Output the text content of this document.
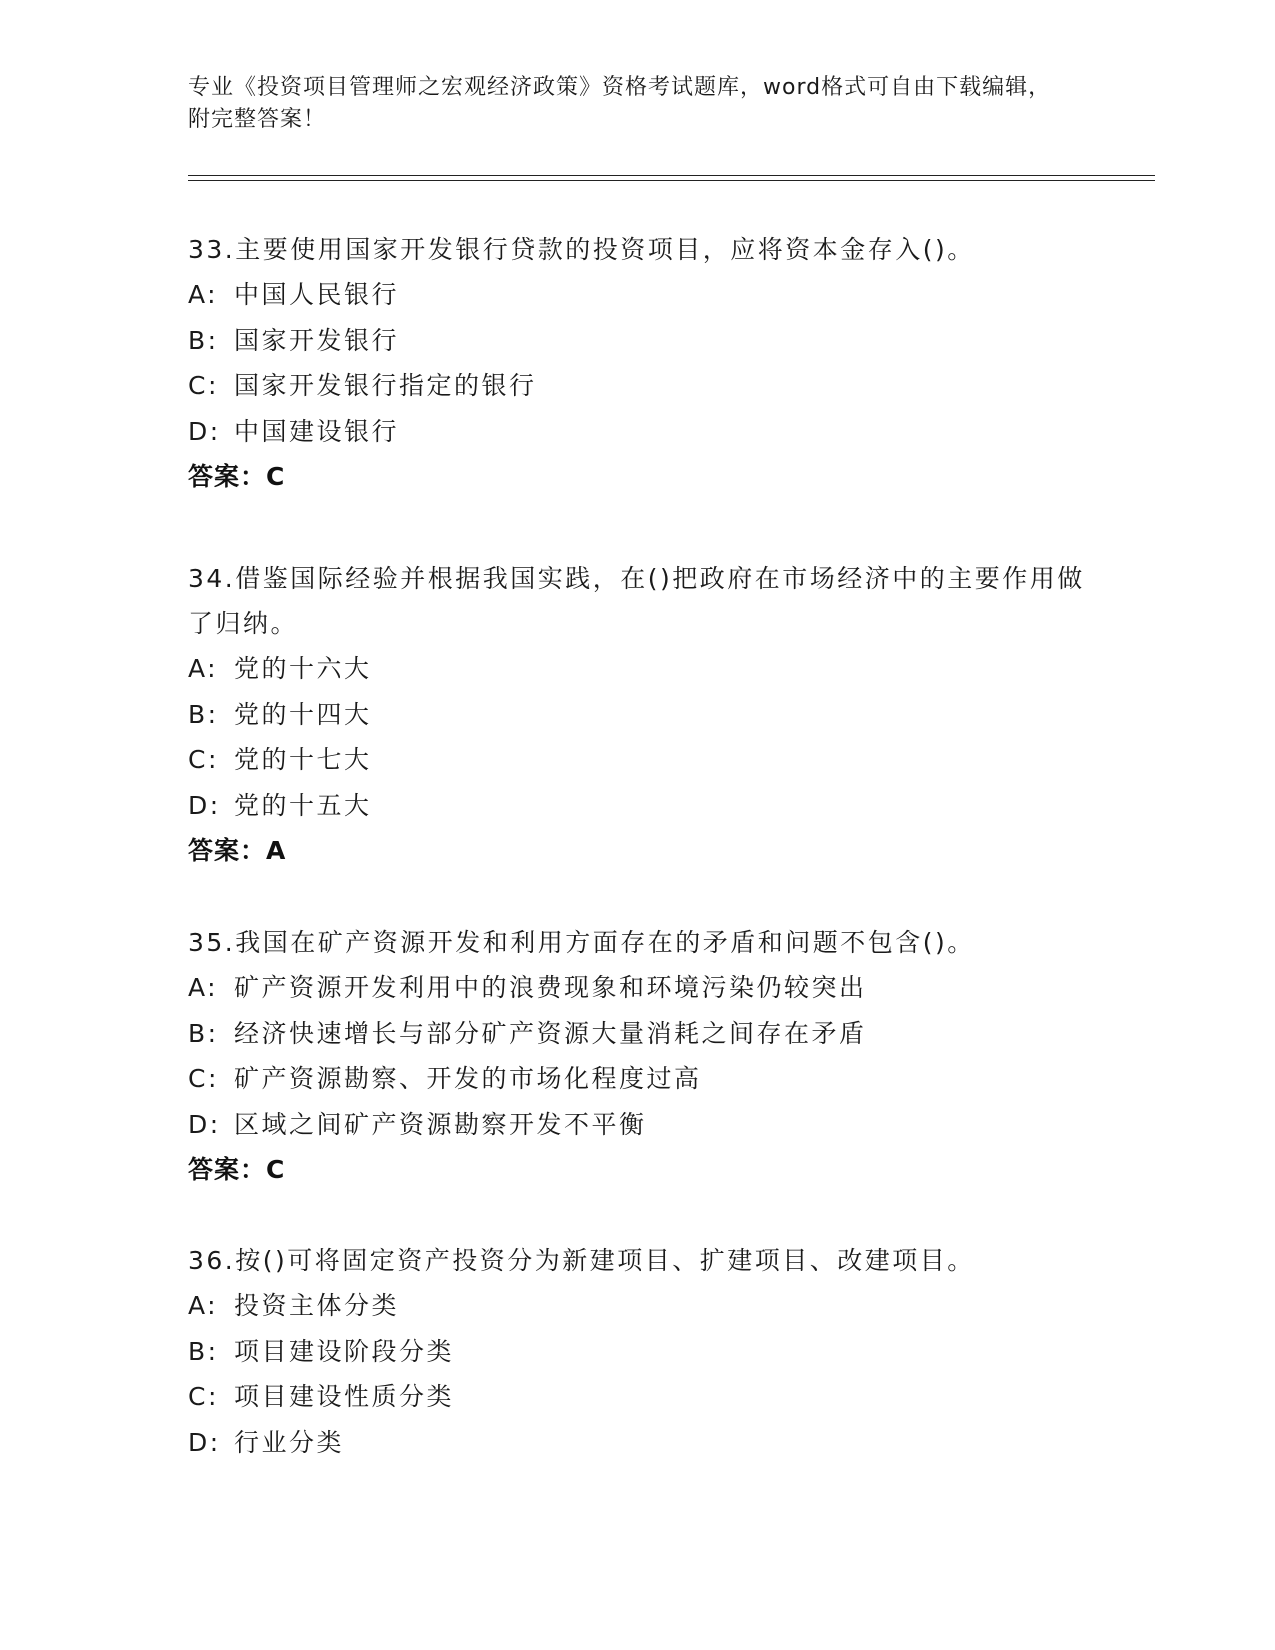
专业《投资项目管理师之宏观经济政策》资格考试题库，word格式可自由下载编辑，附完整答案！

33.主要使用国家开发银行贷款的投资项目，应将资本金存入()。

A: 中国人民银行
B: 国家开发银行
C: 国家开发银行指定的银行
D: 中国建设银行
答案：C

34.借鉴国际经验并根据我国实践，在()把政府在市场经济中的主要作用做了归纳。

A: 党的十六大
B: 党的十四大
C: 党的十七大
D: 党的十五大
答案：A

35.我国在矿产资源开发和利用方面存在的矛盾和问题不包含()。

A: 矿产资源开发利用中的浪费现象和环境污染仍较突出
B: 经济快速增长与部分矿产资源大量消耗之间存在矛盾
C: 矿产资源勘察、开发的市场化程度过高
D: 区域之间矿产资源勘察开发不平衡
答案：C

36.按()可将固定资产投资分为新建项目、扩建项目、改建项目。

A: 投资主体分类
B: 项目建设阶段分类
C: 项目建设性质分类
D: 行业分类
